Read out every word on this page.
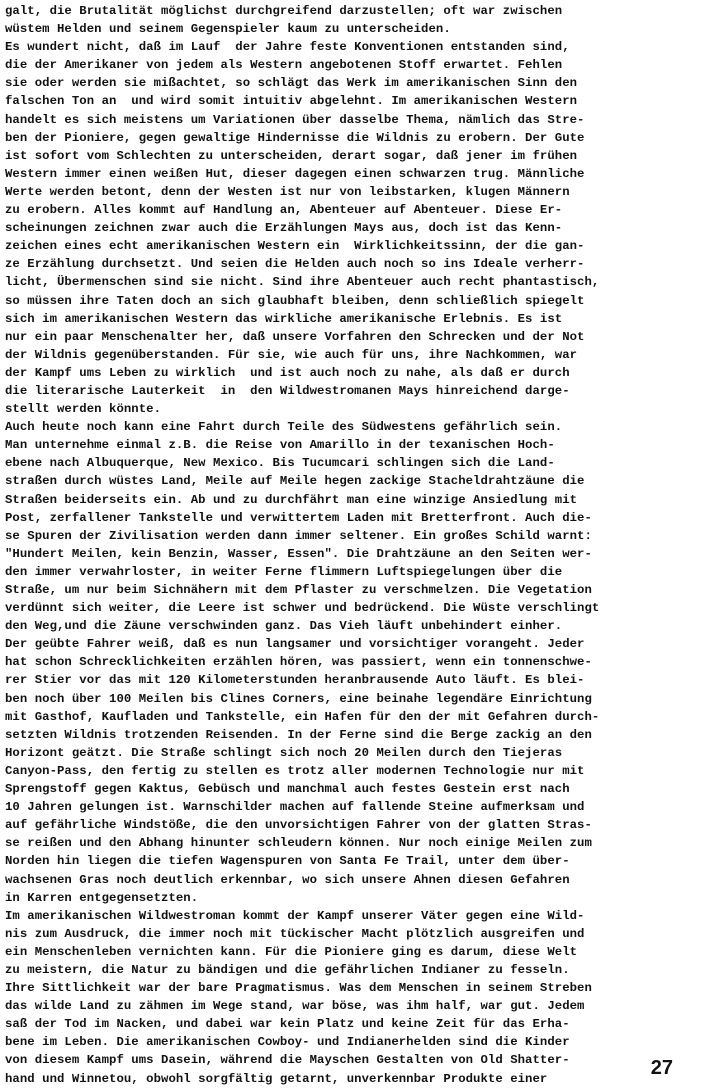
galt, die Brutalität möglichst durchgreifend darzustellen; oft war zwischen
wüstem Helden und seinem Gegenspieler kaum zu unterscheiden.
Es wundert nicht, daß im Lauf  der Jahre feste Konventionen entstanden sind,
die der Amerikaner von jedem als Western angebotenen Stoff erwartet. Fehlen
sie oder werden sie mißachtet, so schlägt das Werk im amerikanischen Sinn den
falschen Ton an  und wird somit intuitiv abgelehnt. Im amerikanischen Western
handelt es sich meistens um Variationen über dasselbe Thema, nämlich das Stre-
ben der Pioniere, gegen gewaltige Hindernisse die Wildnis zu erobern. Der Gute
ist sofort vom Schlechten zu unterscheiden, derart sogar, daß jener im frühen
Western immer einen weißen Hut, dieser dagegen einen schwarzen trug. Männliche
Werte werden betont, denn der Westen ist nur von leibstarken, klugen Männern
zu erobern. Alles kommt auf Handlung an, Abenteuer auf Abenteuer. Diese Er-
scheinungen zeichnen zwar auch die Erzählungen Mays aus, doch ist das Kenn-
zeichen eines echt amerikanischen Western ein  Wirklichkeitssinn, der die gan-
ze Erzählung durchsetzt. Und seien die Helden auch noch so ins Ideale verherr-
licht, Übermenschen sind sie nicht. Sind ihre Abenteuer auch recht phantastisch,
so müssen ihre Taten doch an sich glaubhaft bleiben, denn schließlich spiegelt
sich im amerikanischen Western das wirkliche amerikanische Erlebnis. Es ist
nur ein paar Menschenalter her, daß unsere Vorfahren den Schrecken und der Not
der Wildnis gegenüberstanden. Für sie, wie auch für uns, ihre Nachkommen, war
der Kampf ums Leben zu wirklich  und ist auch noch zu nahe, als daß er durch
die literarische Lauterkeit  in  den Wildwestromanen Mays hinreichend darge-
stellt werden könnte.
Auch heute noch kann eine Fahrt durch Teile des Südwestens gefährlich sein.
Man unternehme einmal z.B. die Reise von Amarillo in der texanischen Hoch-
ebene nach Albuquerque, New Mexico. Bis Tucumcari schlingen sich die Land-
straßen durch wüstes Land, Meile auf Meile hegen zackige Stacheldrahtzäune die
Straßen beiderseits ein. Ab und zu durchfährt man eine winzige Ansiedlung mit
Post, zerfallener Tankstelle und verwittertem Laden mit Bretterfront. Auch die-
se Spuren der Zivilisation werden dann immer seltener. Ein großes Schild warnt:
"Hundert Meilen, kein Benzin, Wasser, Essen". Die Drahtzäune an den Seiten wer-
den immer verwahrloster, in weiter Ferne flimmern Luftspiegelungen über die
Straße, um nur beim Sichnähern mit dem Pflaster zu verschmelzen. Die Vegetation
verdünnt sich weiter, die Leere ist schwer und bedrückend. Die Wüste verschlingt
den Weg,und die Zäune verschwinden ganz. Das Vieh läuft unbehindert einher.
Der geübte Fahrer weiß, daß es nun langsamer und vorsichtiger vorangeht. Jeder
hat schon Schrecklichkeiten erzählen hören, was passiert, wenn ein tonnenschwe-
rer Stier vor das mit 120 Kilometerstunden heranbrausende Auto läuft. Es blei-
ben noch über 100 Meilen bis Clines Corners, eine beinahe legendäre Einrichtung
mit Gasthof, Kaufladen und Tankstelle, ein Hafen für den der mit Gefahren durch-
setzten Wildnis trotzenden Reisenden. In der Ferne sind die Berge zackig an den
Horizont geätzt. Die Straße schlingt sich noch 20 Meilen durch den Tiejeras
Canyon-Pass, den fertig zu stellen es trotz aller modernen Technologie nur mit
Sprengstoff gegen Kaktus, Gebüsch und manchmal auch festes Gestein erst nach
10 Jahren gelungen ist. Warnschilder machen auf fallende Steine aufmerksam und
auf gefährliche Windstöße, die den unvorsichtigen Fahrer von der glatten Stras-
se reißen und den Abhang hinunter schleudern können. Nur noch einige Meilen zum
Norden hin liegen die tiefen Wagenspuren von Santa Fe Trail, unter dem über-
wachsenen Gras noch deutlich erkennbar, wo sich unsere Ahnen diesen Gefahren
in Karren entgegensetzten.
Im amerikanischen Wildwestroman kommt der Kampf unserer Väter gegen eine Wild-
nis zum Ausdruck, die immer noch mit tückischer Macht plötzlich ausgreifen und
ein Menschenleben vernichten kann. Für die Pioniere ging es darum, diese Welt
zu meistern, die Natur zu bändigen und die gefährlichen Indianer zu fesseln.
Ihre Sittlichkeit war der bare Pragmatismus. Was dem Menschen in seinem Streben
das wilde Land zu zähmen im Wege stand, war böse, was ihm half, war gut. Jedem
saß der Tod im Nacken, und dabei war kein Platz und keine Zeit für das Erha-
bene im Leben. Die amerikanischen Cowboy- und Indianerhelden sind die Kinder
von diesem Kampf ums Dasein, während die Mayschen Gestalten von Old Shatter-
hand und Winnetou, obwohl sorgfältig getarnt, unverkennbar Produkte einer	27
